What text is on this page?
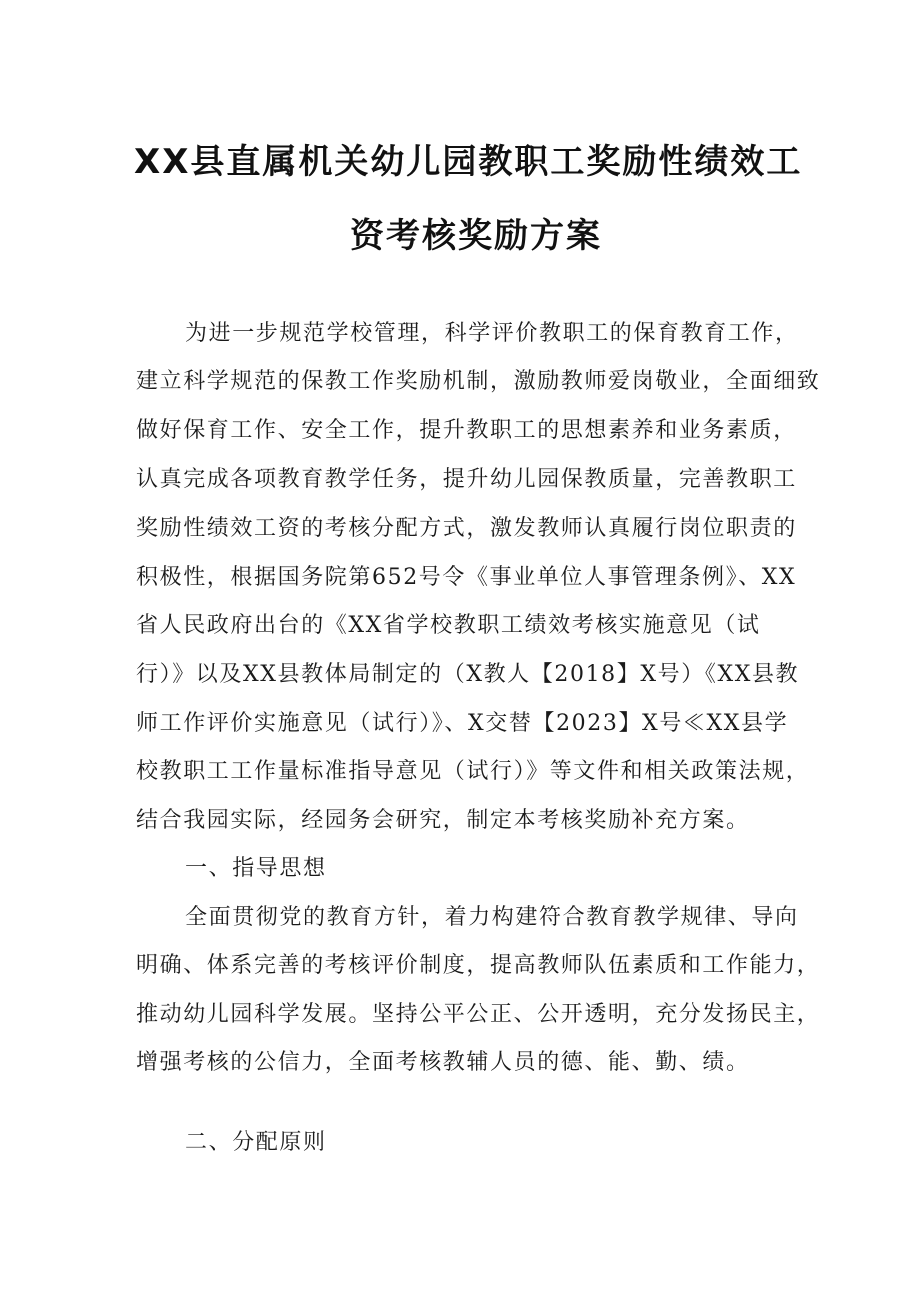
XX县直属机关幼儿园教职工奖励性绩效工
资考核奖励方案
为进一步规范学校管理，科学评价教职工的保育教育工作，
建立科学规范的保教工作奖励机制，激励教师爱岗敬业，全面细致
做好保育工作、安全工作，提升教职工的思想素养和业务素质，
认真完成各项教育教学任务，提升幼儿园保教质量，完善教职工
奖励性绩效工资的考核分配方式，激发教师认真履行岗位职责的
积极性，根据国务院第652号令《事业单位人事管理条例》、XX
省人民政府出台的《XX省学校教职工绩效考核实施意见（试
行）》以及XX县教体局制定的（X教人【2018】X号）《XX县教
师工作评价实施意见（试行）》、X交替【2023】X号≪XX县学
校教职工工作量标准指导意见（试行）》等文件和相关政策法规，
结合我园实际，经园务会研究，制定本考核奖励补充方案。
一、指导思想
全面贯彻党的教育方针，着力构建符合教育教学规律、导向
明确、体系完善的考核评价制度，提高教师队伍素质和工作能力，
推动幼儿园科学发展。坚持公平公正、公开透明，充分发扬民主，
增强考核的公信力，全面考核教辅人员的德、能、勤、绩。
二、分配原则
